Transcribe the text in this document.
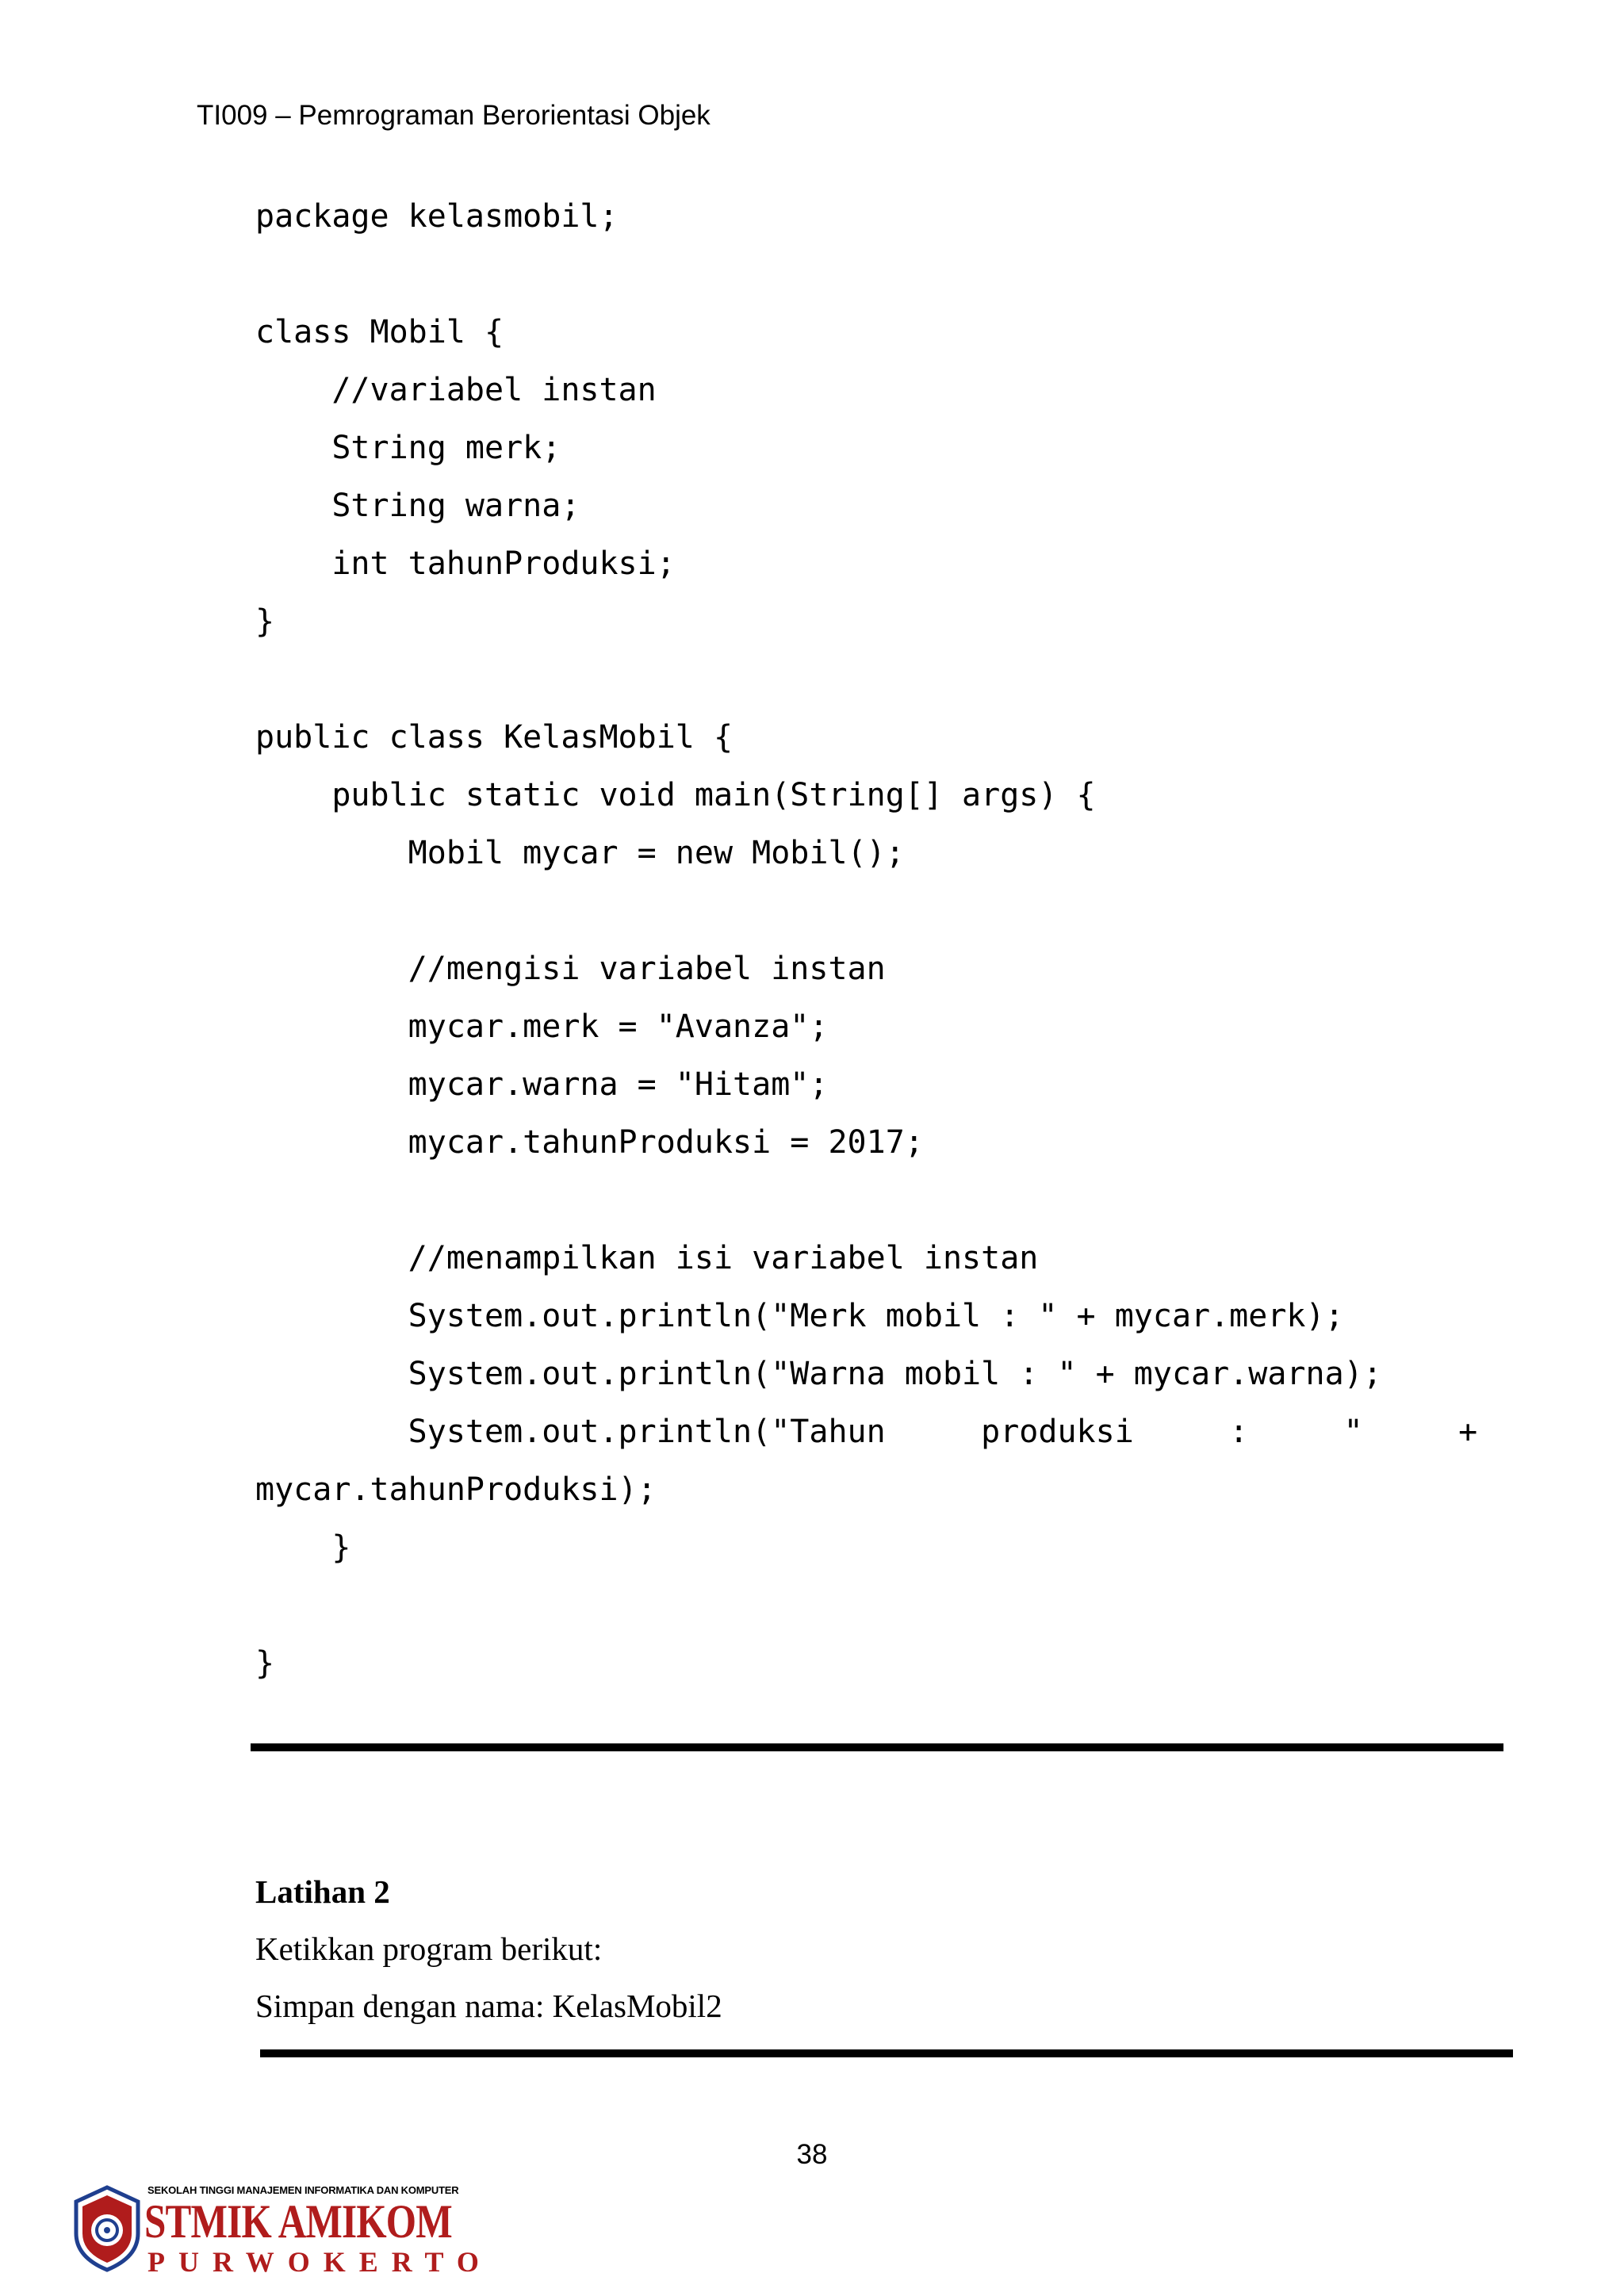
TI009 – Pemrograman Berorientasi Objek
package kelasmobil;
class Mobil {
//variabel instan
String merk;
String warna;
int tahunProduksi;
}
public class KelasMobil {
public static void main(String[] args) {
Mobil mycar = new Mobil();
//mengisi variabel instan
mycar.merk = "Avanza";
mycar.warna = "Hitam";
mycar.tahunProduksi = 2017;
//menampilkan isi variabel instan
System.out.println("Merk mobil : " + mycar.merk);
System.out.println("Warna mobil : " + mycar.warna);
System.out.println("Tahun     produksi     :     "     +
mycar.tahunProduksi);
}
}
Latihan 2
Ketikkan program berikut:
Simpan dengan nama: KelasMobil2
38
SEKOLAH TINGGI MANAJEMEN INFORMATIKA DAN KOMPUTER
STMIK AMIKOM
PURWOKERTO
